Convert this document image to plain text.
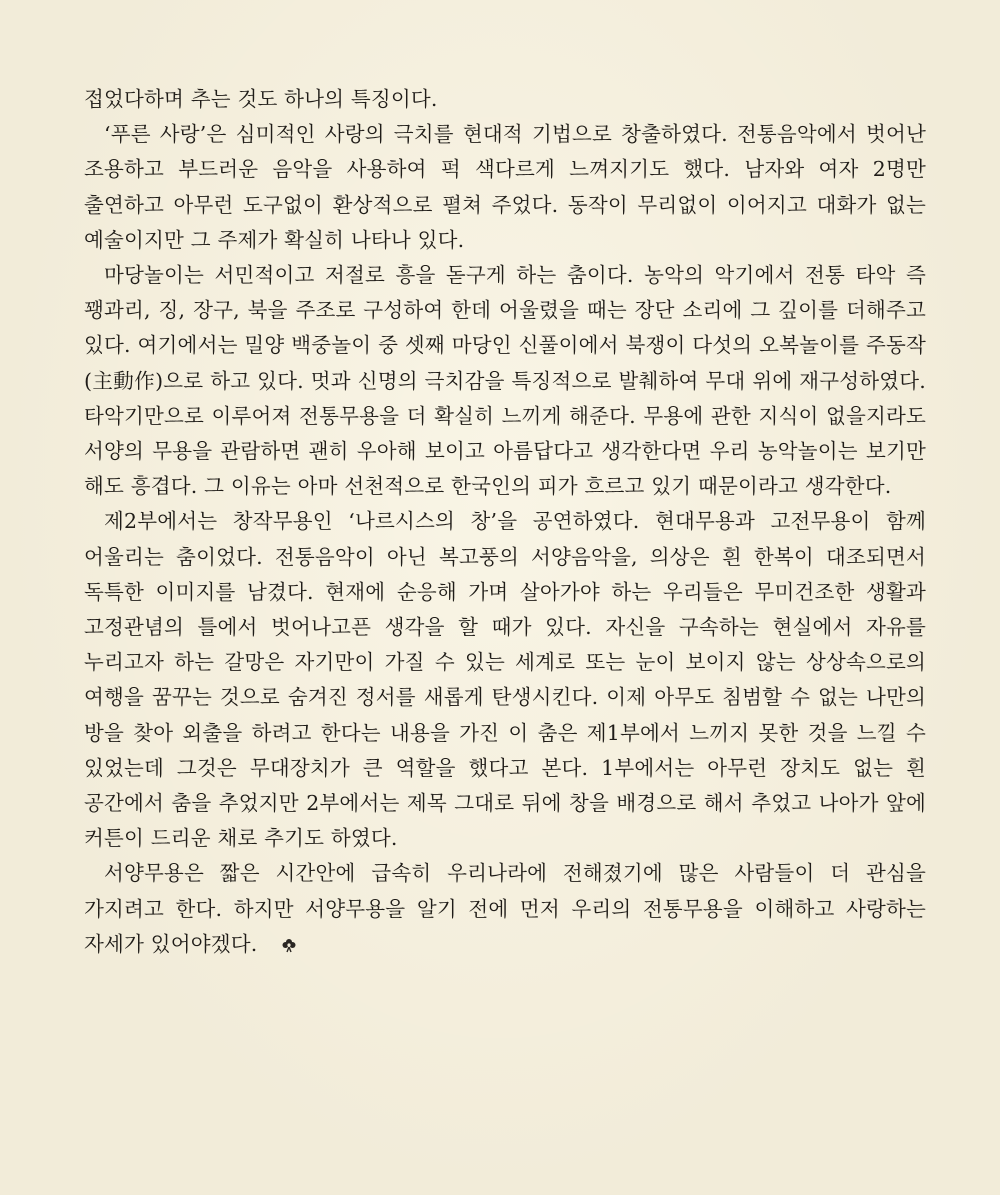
접었다하며 추는 것도 하나의 특징이다.

‘푸른 사랑’은 심미적인 사랑의 극치를 현대적 기법으로 창출하였다. 전통음악에서 벗어난 조용하고 부드러운 음악을 사용하여 퍽 색다르게 느껴지기도 했다. 남자와 여자 2명만 출연하고 아무런 도구없이 환상적으로 펼쳐 주었다. 동작이 무리없이 이어지고 대화가 없는 예술이지만 그 주제가 확실히 나타나 있다.

마당놀이는 서민적이고 저절로 흥을 돋구게 하는 춤이다. 농악의 악기에서 전통 타악 즉 꽹과리, 징, 장구, 북을 주조로 구성하여 한데 어울렸을 때는 장단 소리에 그 깊이를 더해주고 있다. 여기에서는 밀양 백중놀이 중 셋째 마당인 신풀이에서 북쟁이 다섯의 오복놀이를 주동작(主動作)으로 하고 있다. 멋과 신명의 극치감을 특징적으로 발췌하여 무대 위에 재구성하였다. 타악기만으로 이루어져 전통무용을 더 확실히 느끼게 해준다. 무용에 관한 지식이 없을지라도 서양의 무용을 관람하면 괜히 우아해 보이고 아름답다고 생각한다면 우리 농악놀이는 보기만 해도 흥겹다. 그 이유는 아마 선천적으로 한국인의 피가 흐르고 있기 때문이라고 생각한다.

제2부에서는 창작무용인 ‘나르시스의 창’을 공연하였다. 현대무용과 고전무용이 함께 어울리는 춤이었다. 전통음악이 아닌 복고풍의 서양음악을, 의상은 흰 한복이 대조되면서 독특한 이미지를 남겼다. 현재에 순응해 가며 살아가야 하는 우리들은 무미건조한 생활과 고정관념의 틀에서 벗어나고픈 생각을 할 때가 있다. 자신을 구속하는 현실에서 자유를 누리고자 하는 갈망은 자기만이 가질 수 있는 세계로 또는 눈이 보이지 않는 상상속으로의 여행을 꿈꾸는 것으로 숨겨진 정서를 새롭게 탄생시킨다. 이제 아무도 침범할 수 없는 나만의 방을 찾아 외출을 하려고 한다는 내용을 가진 이 춤은 제1부에서 느끼지 못한 것을 느낄 수 있었는데 그것은 무대장치가 큰 역할을 했다고 본다. 1부에서는 아무런 장치도 없는 흰 공간에서 춤을 추었지만 2부에서는 제목 그대로 뒤에 창을 배경으로 해서 추었고 나아가 앞에 커튼이 드리운 채로 추기도 하였다.

서양무용은 짧은 시간안에 급속히 우리나라에 전해졌기에 많은 사람들이 더 관심을 가지려고 한다. 하지만 서양무용을 알기 전에 먼저 우리의 전통무용을 이해하고 사랑하는 자세가 있어야겠다.
